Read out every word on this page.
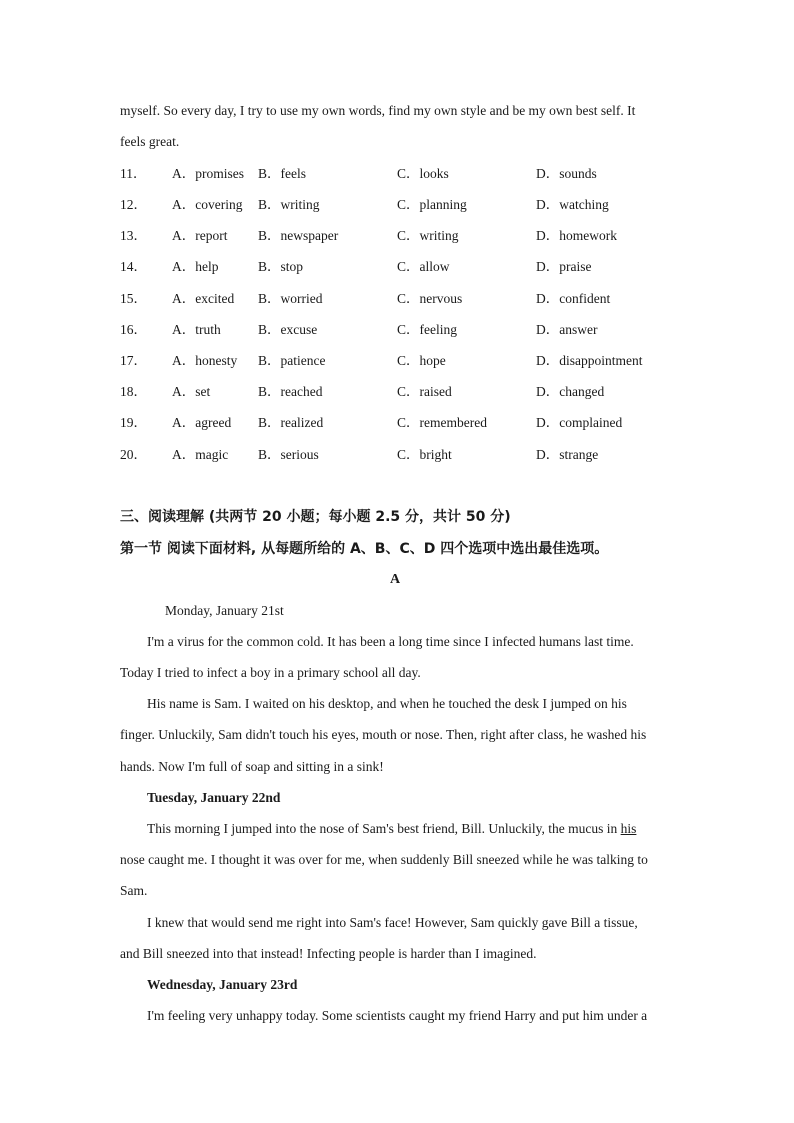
myself. So every day, I try to use my own words, find my own style and be my own best self. It
feels great.
11． A．promises B．feels	C．looks	D．sounds
12． A．covering B．writing	C．planning	D．watching
13． A．report B．newspaper	C．writing	D．homework
14． A．help	B．stop	C．allow	D．praise
15． A．excited B．worried	C．nervous	D．confident
16． A．truth	B．excuse	C．feeling	D．answer
17． A．honesty B．patience	C．hope	D．disappointment
18． A．set	B．reached	C．raised	D．changed
19． A．agreed B．realized	C．remembered	D．complained
20． A．magic B．serious	C．bright	D．strange
三、阅读理解 (共两节 20 小题；每小题 2.5 分，共计 50 分)
第一节 阅读下面材料, 从每题所给的 A、B、C、D 四个选项中选出最佳选项。
A
Monday, January 21st
I'm a virus for the common cold. It has been a long time since I infected humans last time.
Today I tried to infect a boy in a primary school all day.
His name is Sam. I waited on his desktop, and when he touched the desk I jumped on his
finger. Unluckily, Sam didn't touch his eyes, mouth or nose. Then, right after class, he washed his
hands. Now I'm full of soap and sitting in a sink!
Tuesday, January 22nd
This morning I jumped into the nose of Sam's best friend, Bill. Unluckily, the mucus in his
nose caught me. I thought it was over for me, when suddenly Bill sneezed while he was talking to
Sam.
I knew that would send me right into Sam's face! However, Sam quickly gave Bill a tissue,
and Bill sneezed into that instead! Infecting people is harder than I imagined.
Wednesday, January 23rd
I'm feeling very unhappy today. Some scientists caught my friend Harry and put him under a
